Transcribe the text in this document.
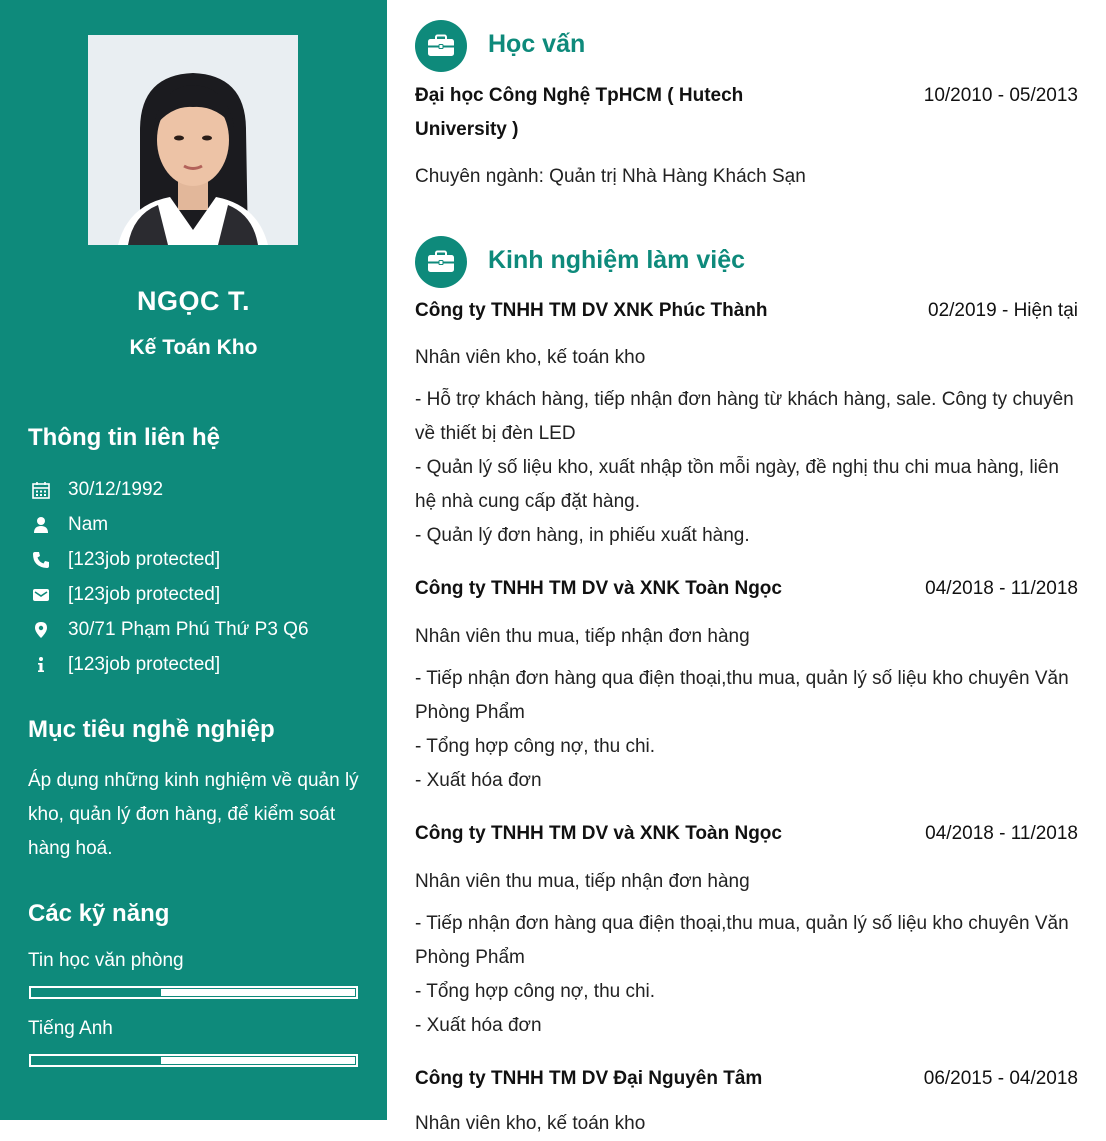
NGỌC T.
Kế Toán Kho
Thông tin liên hệ
30/12/1992
Nam
[123job protected]
[123job protected]
30/71 Phạm Phú Thứ P3 Q6
[123job protected]
Mục tiêu nghề nghiệp
Áp dụng những kinh nghiệm về quản lý kho, quản lý đơn hàng, để kiểm soát hàng hoá.
Các kỹ năng
Tin học văn phòng
Tiếng Anh
Học vấn
Đại học Công Nghệ TpHCM ( Hutech University )
10/2010 - 05/2013
Chuyên ngành: Quản trị Nhà Hàng Khách Sạn
Kinh nghiệm làm việc
Công ty TNHH TM DV XNK Phúc Thành	02/2019 - Hiện tại
Nhân viên kho, kế toán kho
- Hỗ trợ khách hàng, tiếp nhận đơn hàng từ khách hàng, sale. Công ty chuyên về thiết bị đèn LED
- Quản lý số liệu kho, xuất nhập tồn mỗi ngày, đề nghị thu chi mua hàng, liên hệ nhà cung cấp đặt hàng.
- Quản lý đơn hàng, in phiếu xuất hàng.
Công ty TNHH TM DV và XNK Toàn Ngọc	04/2018 - 11/2018
Nhân viên thu mua, tiếp nhận đơn hàng
- Tiếp nhận đơn hàng qua điện thoại,thu mua, quản lý số liệu kho chuyên Văn Phòng Phẩm
- Tổng hợp công nợ, thu chi.
- Xuất hóa đơn
Công ty TNHH TM DV và XNK Toàn Ngọc	04/2018 - 11/2018
Nhân viên thu mua, tiếp nhận đơn hàng
- Tiếp nhận đơn hàng qua điện thoại,thu mua, quản lý số liệu kho chuyên Văn Phòng Phẩm
- Tổng hợp công nợ, thu chi.
- Xuất hóa đơn
Công ty TNHH TM DV Đại Nguyên Tâm	06/2015 - 04/2018
Nhân viên kho, kế toán kho
